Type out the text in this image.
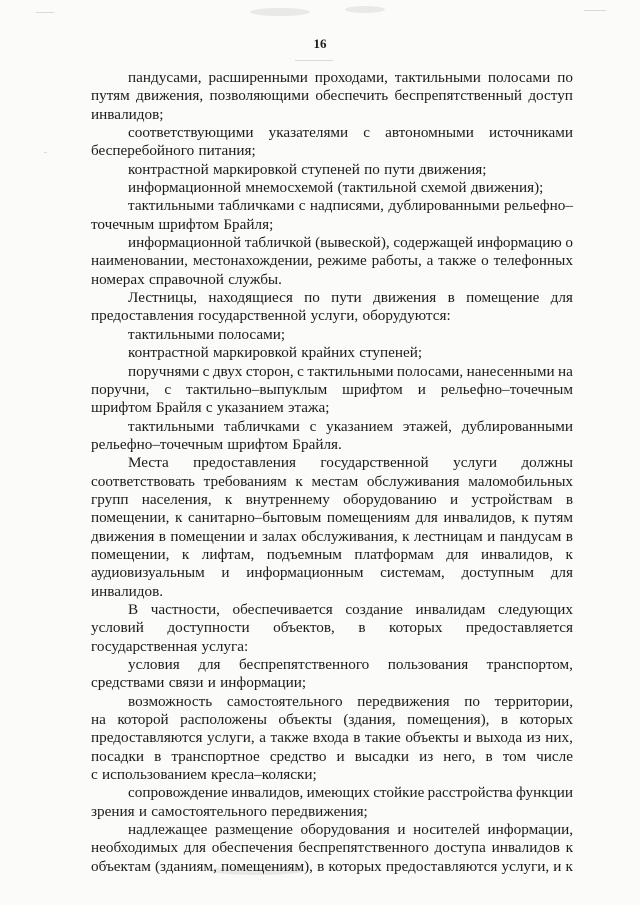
16
пандусами, расширенными проходами, тактильными полосами по
путям движения, позволяющими обеспечить беспрепятственный доступ
инвалидов;
соответствующими указателями с автономными источниками
бесперебойного питания;
контрастной маркировкой ступеней по пути движения;
информационной мнемосхемой (тактильной схемой движения);
тактильными табличками с надписями, дублированными рельефно–
точечным шрифтом Брайля;
информационной табличкой (вывеской), содержащей информацию о
наименовании, местонахождении, режиме работы, а также о телефонных
номерах справочной службы.
Лестницы, находящиеся по пути движения в помещение для
предоставления государственной услуги, оборудуются:
тактильными полосами;
контрастной маркировкой крайних ступеней;
поручнями с двух сторон, с тактильными полосами, нанесенными на
поручни, с тактильно–выпуклым шрифтом и рельефно–точечным
шрифтом Брайля с указанием этажа;
тактильными табличками с указанием этажей, дублированными
рельефно–точечным шрифтом Брайля.
Места предоставления государственной услуги должны
соответствовать требованиям к местам обслуживания маломобильных
групп населения, к внутреннему оборудованию и устройствам в
помещении, к санитарно–бытовым помещениям для инвалидов, к путям
движения в помещении и залах обслуживания, к лестницам и пандусам в
помещении, к лифтам, подъемным платформам для инвалидов, к
аудиовизуальным и информационным системам, доступным для
инвалидов.
В частности, обеспечивается создание инвалидам следующих
условий доступности объектов, в которых предоставляется
государственная услуга:
условия для беспрепятственного пользования транспортом,
средствами связи и информации;
возможность самостоятельного передвижения по территории,
на которой расположены объекты (здания, помещения), в которых
предоставляются услуги, а также входа в такие объекты и выхода из них,
посадки в транспортное средство и высадки из него, в том числе
с использованием кресла–коляски;
сопровождение инвалидов, имеющих стойкие расстройства функции
зрения и самостоятельного передвижения;
надлежащее размещение оборудования и носителей информации,
необходимых для обеспечения беспрепятственного доступа инвалидов к
объектам (зданиям, помещениям), в которых предоставляются услуги, и к
